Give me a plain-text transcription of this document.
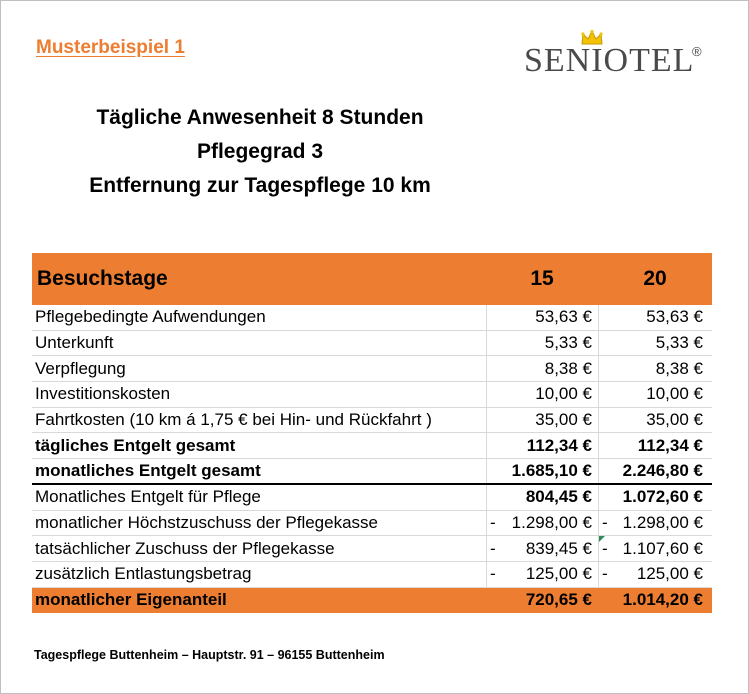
Musterbeispiel 1	SENIOTEL
®
Tägliche Anwesenheit 8 Stunden
Pflegegrad 3
Entfernung zur Tagespflege 10 km
Besuchstage	15	20
Pflegebedingte Aufwendungen	53,63 €	53,63 €
Unterkunft	5,33 €	5,33 €
Verpflegung	8,38 €	8,38 €
Investitionskosten	10,00 €	10,00 €
Fahrtkosten (10 km á 1,75 € bei Hin- und Rückfahrt )	35,00 €	35,00 €
tägliches Entgelt gesamt	112,34 €	112,34 €
monatliches Entgelt gesamt	1.685,10 €	2.246,80 €
Monatliches Entgelt für Pflege	804,45 €	1.072,60 €
monatlicher Höchstzuschuss der Pflegekasse	- 1.298,00 € - 1.298,00 €
tatsächlicher Zuschuss der Pflegekasse	- 839,45 € - 1.107,60 €
zusätzlich Entlastungsbetrag	- 125,00 € - 125,00 €
monatlicher Eigenanteil	720,65 €	1.014,20 €
Tagespflege Buttenheim – Hauptstr. 91 – 96155 Buttenheim
